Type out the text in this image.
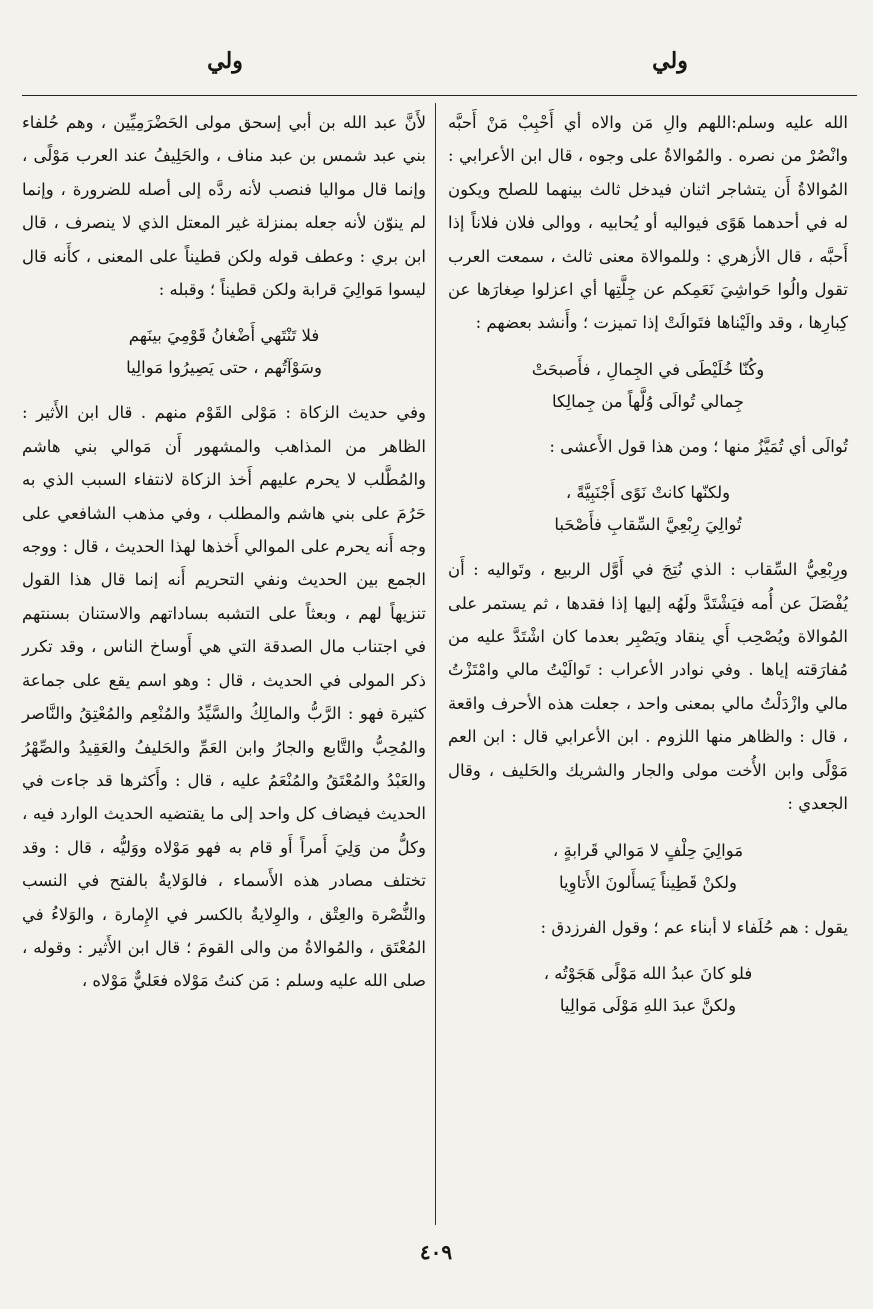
ولي
ولي

الله عليه وسلم:اللهم والِ مَن والاه أي أَحْبِبْ مَنْ أَحبَّه وانْصُرْ من نصره . والمُوالاةُ على وجوه ، قال ابن الأعرابي : المُوالاةُ أَن يتشاجر اثنان فيدخل ثالث بينهما للصلح ويكون له في أحدهما هَوًى فيواليه أو يُحابيه ، ووالى فلان فلاناً إذا أَحبَّه ، قال الأزهري : وللموالاة معنى ثالث ، سمعت العرب تقول والُوا حَواشِيَ نَعَمِكم عن جِلَّتِها أي اعزلوا صِغارَها عن كِبارِها ، وقد والَيْناها فتَوالَتْ إذا تميزت ؛ وأَنشد بعضهم :

وكُنّا خُلَيْطَى في الجِمالِ ، فأَصبحَتْ
جِمالي تُوالَى وُلَّهاً من جِمالِكا

تُوالَى أي تُمَيَّزُ منها ؛ ومن هذا قول الأَعشى :

ولكنّها كانتْ نَوًى أَجْنَبِيَّةً ،
تُوالِيَ رِبْعِيَّ السِّقابِ فأَصْحَبا

ورِبْعِيُّ السِّقاب : الذي نُتِجَ في أَوَّل الربيع ، وتَواليه : أَن يُفْصَلَ عن أُمه فيَشْتَدَّ ولَهُه إليها إذا فقدها ، ثم يستمر على المُوالاة ويُصْحِب أَي ينقاد ويَصْبِر بعدما كان اشْتَدَّ عليه من مُفارَقته إياها . وفي نوادر الأعراب : تَوالَيْتُ مالي وامْتَزْتُ مالي وازْدَلْتُ مالي بمعنى واحد ، جعلت هذه الأحرف واقعة ، قال : والظاهر منها اللزوم . ابن الأعرابي قال : ابن العم مَوْلًى وابن الأُخت مولى والجار والشريك والحَليف ، وقال الجعدي :

مَوالِيَ حِلْفٍ لا مَوالي قَرابةٍ ،
ولكنْ قَطِيناً يَسأَلونَ الأَتاوِيا

يقول : هم حُلَفاء لا أبناء عم ؛ وقول الفرزدق :

فلو كانَ عبدُ الله مَوْلًى هَجَوْتُه ،
ولكنَّ عبدَ اللهِ مَوْلَى مَوالِيا

لأَنَّ عبد الله بن أبي إسحق مولى الحَضْرَمِيِّين ، وهم حُلفاء بني عبد شمس بن عبد مناف ، والحَلِيفُ عند العرب مَوْلًى ، وإنما قال مواليا فنصب لأنه ردَّه إلى أصله للضرورة ، وإنما لم ينوّن لأنه جعله بمنزلة غير المعتل الذي لا ينصرف ، قال ابن بري : وعطف قوله ولكن قطيناً على المعنى ، كأَنه قال ليسوا مَوالِيَ قرابة ولكن قطيناً ؛ وقبله :

فلا تَنْتَهي أَضْغانُ قَوْمِيَ بينَهم
وسَوْآتُهم ، حتى يَصِيرُوا مَوالِيا

وفي حديث الزكاة : مَوْلى القَوْم منهم . قال ابن الأَثير : الظاهر من المذاهب والمشهور أَن مَوالي بني هاشم والمُطَّلب لا يحرم عليهم أَخذ الزكاة لانتفاء السبب الذي به حَرُمَ على بني هاشم والمطلب ، وفي مذهب الشافعي على وجه أَنه يحرم على الموالي أَخذها لهذا الحديث ، قال : ووجه الجمع بين الحديث ونفي التحريم أَنه إنما قال هذا القول تنزيهاً لهم ، وبعثاً على التشبه بساداتهم والاستنان بسنتهم في اجتناب مال الصدقة التي هي أَوساخ الناس ، وقد تكرر ذكر المولى في الحديث ، قال : وهو اسم يقع على جماعة كثيرة فهو : الرَّبُّ والمالِكُ والسَّيِّدُ والمُنْعِم والمُعْتِقُ والنَّاصر والمُحِبُّ والتَّابع والجارُ وابن العَمِّ والحَليفُ والعَقِيدُ والصِّهْرُ والعَبْدُ والمُعْتَقُ والمُنْعَمُ عليه ، قال : وأَكثرها قد جاءت في الحديث فيضاف كل واحد إلى ما يقتضيه الحديث الوارد فيه ، وكلُّ من وَلِيَ أَمراً أَو قام به فهو مَوْلاه ووَليُّه ، قال : وقد تختلف مصادر هذه الأَسماء ، فالوَلايةُ بالفتح في النسب والنُّصْرة والعِتْق ، والوِلايةُ بالكسر في الإِمارة ، والوَلاءُ في المُعْتَق ، والمُوالاةُ من والى القومَ ؛ قال ابن الأَثير : وقوله ، صلى الله عليه وسلم : مَن كنتُ مَوْلاه فعَليٌّ مَوْلاه ،

٤٠٩
